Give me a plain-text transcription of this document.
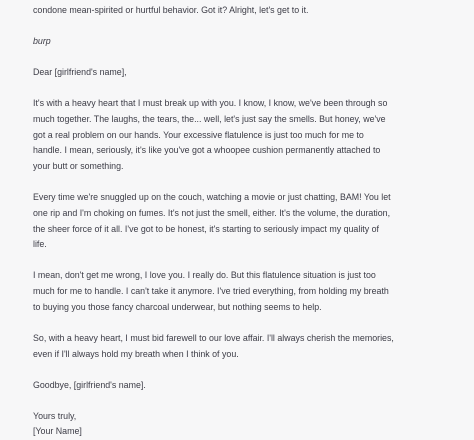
condone mean-spirited or hurtful behavior. Got it? Alright, let's get to it.

burp

Dear [girlfriend's name],

It's with a heavy heart that I must break up with you. I know, I know, we've been through so
much together. The laughs, the tears, the... well, let's just say the smells. But honey, we've
got a real problem on our hands. Your excessive flatulence is just too much for me to
handle. I mean, seriously, it's like you've got a whoopee cushion permanently attached to
your butt or something.

Every time we're snuggled up on the couch, watching a movie or just chatting, BAM! You let
one rip and I'm choking on fumes. It's not just the smell, either. It's the volume, the duration,
the sheer force of it all. I've got to be honest, it's starting to seriously impact my quality of
life.

I mean, don't get me wrong, I love you. I really do. But this flatulence situation is just too
much for me to handle. I can't take it anymore. I've tried everything, from holding my breath
to buying you those fancy charcoal underwear, but nothing seems to help.

So, with a heavy heart, I must bid farewell to our love affair. I'll always cherish the memories,
even if I'll always hold my breath when I think of you.

Goodbye, [girlfriend's name].

Yours truly,
[Your Name]
